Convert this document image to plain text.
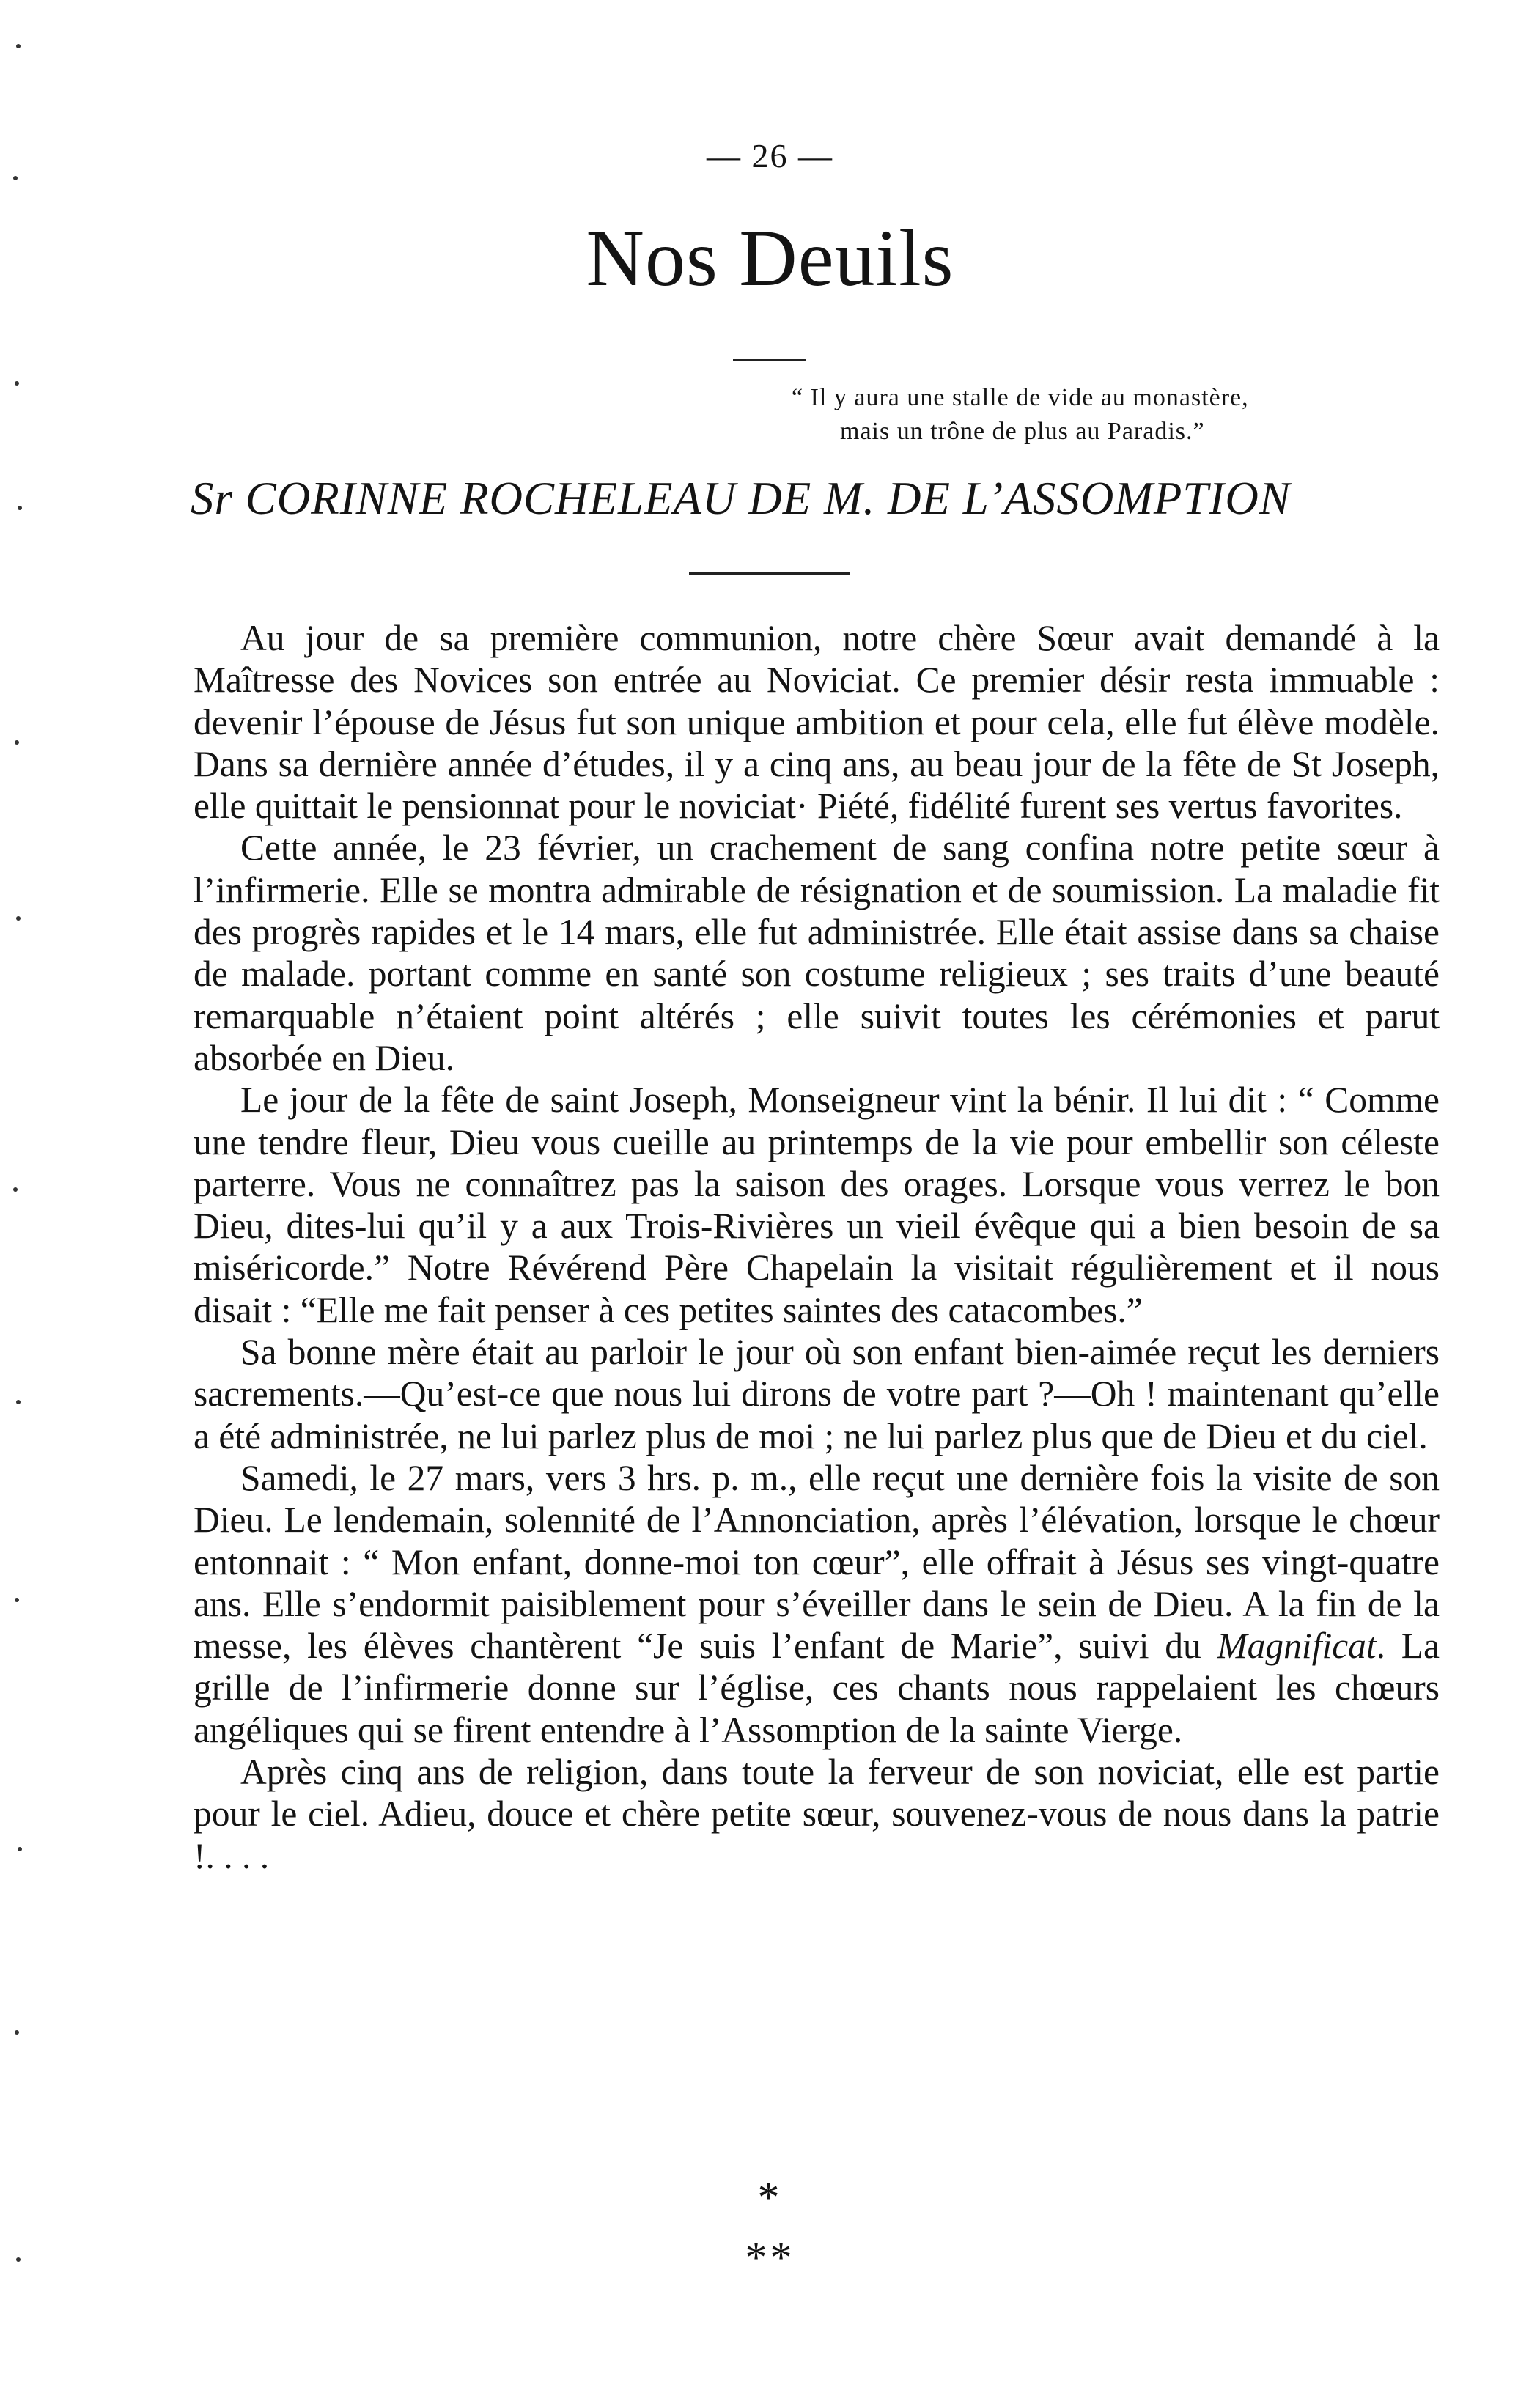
— 26 —
Nos Deuils

“ Il y aura une stalle de vide au monastère,

mais un trône de plus au Paradis.”

Sr CORINNE ROCHELEAU DE M. DE L’ASSOMPTION

Au jour de sa première communion, notre chère Sœur avait demandé à la Maîtresse des Novices son entrée au Noviciat. Ce premier désir resta immuable : devenir l’épouse de Jésus fut son unique ambition et pour cela, elle fut élève modèle. Dans sa dernière année d’études, il y a cinq ans, au beau jour de la fête de St Joseph, elle quittait le pensionnat pour le noviciat· Piété, fidélité furent ses vertus favorites.

Cette année, le 23 février, un crachement de sang confina notre petite sœur à l’infirmerie. Elle se montra admirable de résignation et de soumission. La maladie fit des progrès rapides et le 14 mars, elle fut administrée. Elle était assise dans sa chaise de malade. portant comme en santé son costume religieux ; ses traits d’une beauté remarquable n’étaient point altérés ; elle suivit toutes les cérémonies et parut absorbée en Dieu.

Le jour de la fête de saint Joseph, Monseigneur vint la bénir. Il lui dit : “ Comme une tendre fleur, Dieu vous cueille au printemps de la vie pour embellir son céleste parterre. Vous ne connaîtrez pas la saison des orages. Lorsque vous verrez le bon Dieu, dites-lui qu’il y a aux Trois-Rivières un vieil évêque qui a bien besoin de sa miséricorde.” Notre Révérend Père Chapelain la visitait régulièrement et il nous disait : “Elle me fait penser à ces petites saintes des catacombes.”

Sa bonne mère était au parloir le jour où son enfant bien-aimée reçut les derniers sacrements.—Qu’est-ce que nous lui dirons de votre part ?—Oh ! maintenant qu’elle a été administrée, ne lui parlez plus de moi ; ne lui parlez plus que de Dieu et du ciel.

Samedi, le 27 mars, vers 3 hrs. p. m., elle reçut une dernière fois la visite de son Dieu. Le lendemain, solennité de l’Annonciation, après l’élévation, lorsque le chœur entonnait : “ Mon enfant, donne-moi ton cœur”, elle offrait à Jésus ses vingt-quatre ans. Elle s’endormit paisiblement pour s’éveiller dans le sein de Dieu. A la fin de la messe, les élèves chantèrent “Je suis l’enfant de Marie”, suivi du Magnificat. La grille de l’infirmerie donne sur l’église, ces chants nous rappelaient les chœurs angéliques qui se firent entendre à l’Assomption de la sainte Vierge.

Après cinq ans de religion, dans toute la ferveur de son noviciat, elle est partie pour le ciel. Adieu, douce et chère petite sœur, souvenez-vous de nous dans la patrie !. . . .

*
**
